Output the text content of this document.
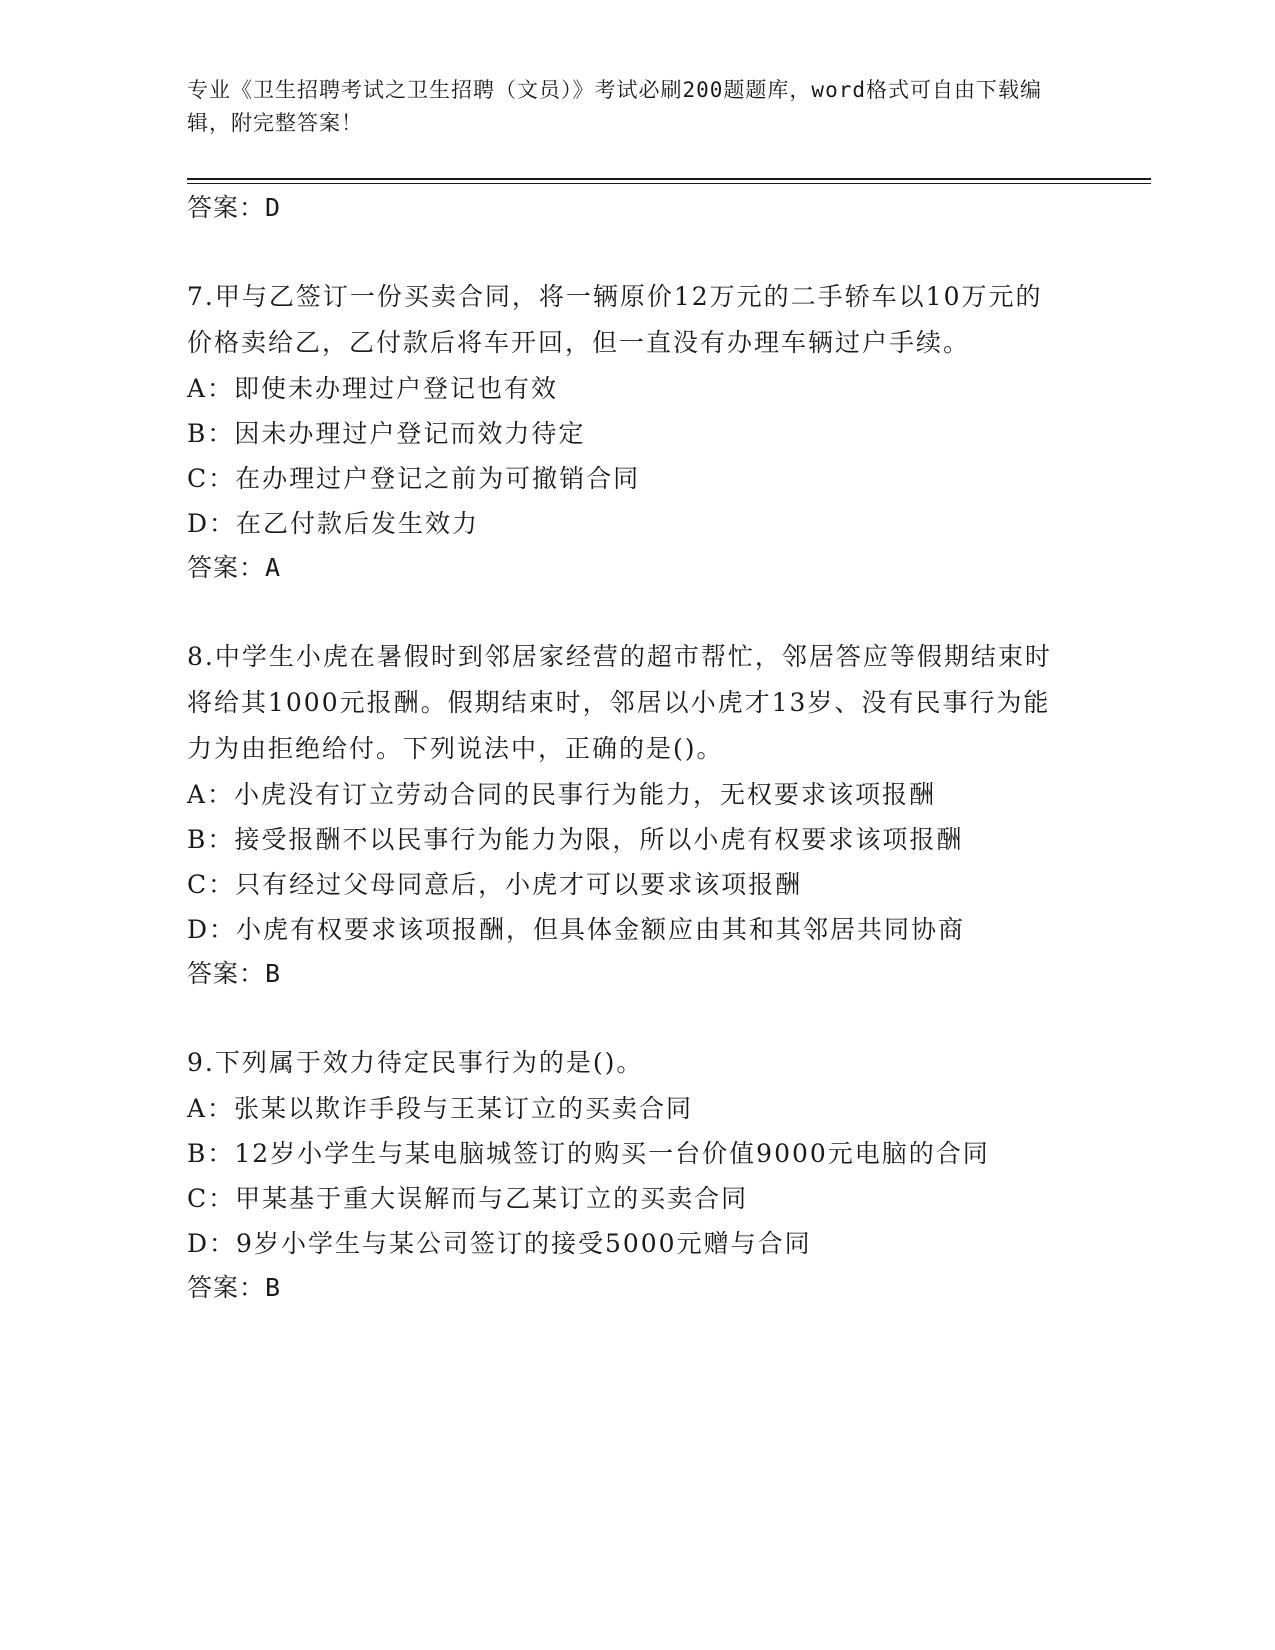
专业《卫生招聘考试之卫生招聘（文员）》考试必刷200题题库，word格式可自由下载编辑，附完整答案！
答案：D
7.甲与乙签订一份买卖合同，将一辆原价12万元的二手轿车以10万元的价格卖给乙，乙付款后将车开回，但一直没有办理车辆过户手续。
A：即使未办理过户登记也有效
B：因未办理过户登记而效力待定
C：在办理过户登记之前为可撤销合同
D：在乙付款后发生效力
答案：A
8.中学生小虎在暑假时到邻居家经营的超市帮忙，邻居答应等假期结束时将给其1000元报酬。假期结束时，邻居以小虎才13岁、没有民事行为能力为由拒绝给付。下列说法中，正确的是()。
A：小虎没有订立劳动合同的民事行为能力，无权要求该项报酬
B：接受报酬不以民事行为能力为限，所以小虎有权要求该项报酬
C：只有经过父母同意后，小虎才可以要求该项报酬
D：小虎有权要求该项报酬，但具体金额应由其和其邻居共同协商
答案：B
9.下列属于效力待定民事行为的是()。
A：张某以欺诈手段与王某订立的买卖合同
B：12岁小学生与某电脑城签订的购买一台价值9000元电脑的合同
C：甲某基于重大误解而与乙某订立的买卖合同
D：9岁小学生与某公司签订的接受5000元赠与合同
答案：B
